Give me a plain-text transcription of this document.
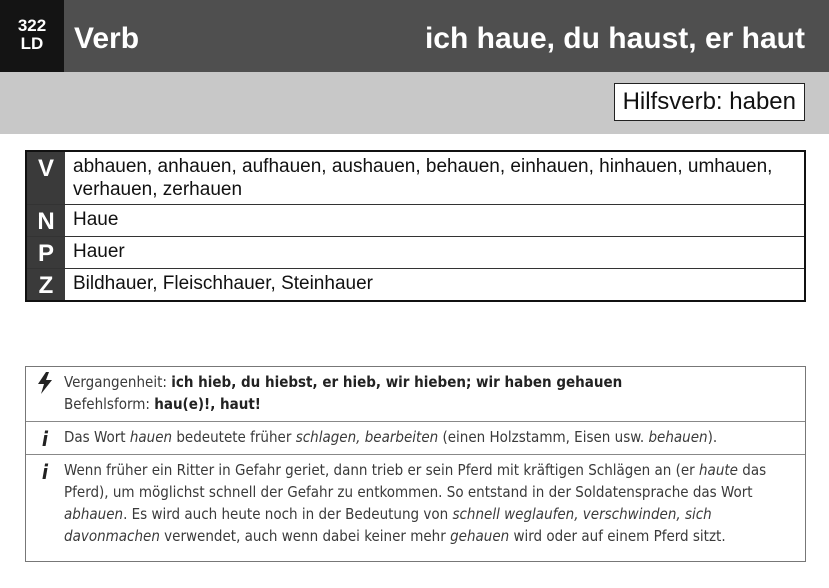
322
LD	Verb	ich haue, du haust, er haut
Hilfsverb: haben
V	abhauen, anhauen, aufhauen, aushauen, behauen, einhauen, hinhauen, umhauen, verhauen, zerhauen
N Haue
P	Hauer
Z	Bildhauer, Fleischhauer, Steinhauer
Vergangenheit: ich hieb, du hiebst, er hieb, wir hieben; wir haben gehauen
Befehlsform: hau(e)!, haut!
i	Das Wort hauen bedeutete früher schlagen, bearbeiten (einen Holzstamm, Eisen usw. behauen).
i	Wenn früher ein Ritter in Gefahr geriet, dann trieb er sein Pferd mit kräftigen Schlägen an (er haute das Pferd), um möglichst schnell der Gefahr zu entkommen. So entstand in der Soldatensprache das Wort abhauen. Es wird auch heute noch in der Bedeutung von schnell weglaufen, verschwinden, sich davonmachen verwendet, auch wenn dabei keiner mehr gehauen wird oder auf einem Pferd sitzt.
